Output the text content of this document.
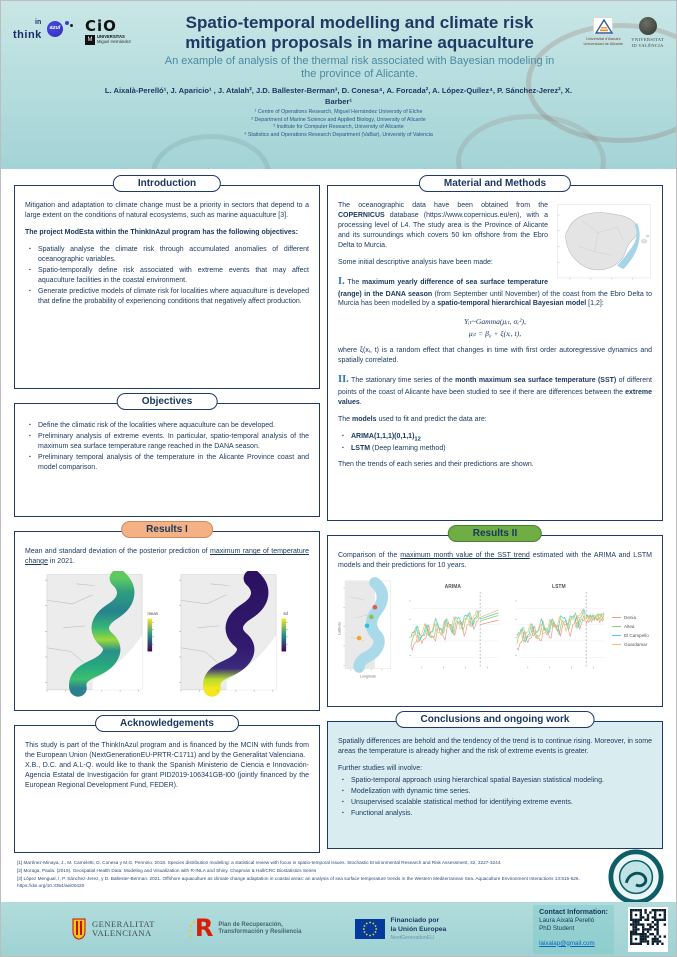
in
think
azul CiO
M
UNIVERSITAS
Miguel Hernández
Spatio-temporal modelling and climate risk mitigation proposals in marine aquaculture
An example of analysis of the thermal risk associated with Bayesian modeling in the province of Alicante.
Universitat d'Alacant
Universidad de Alicante
VNIVERSITAT
ID VALÈNCIA
L. Aixalà-Perelló¹, J. Aparicio¹ , J. Atalah², J.D. Ballester-Berman³, D. Conesa⁴, A. Forcada², A. López-Quílez⁴, P. Sánchez-Jerez², X. Barber¹
¹ Centre of Operations Research, Miguel Hernández University of Elche
² Department of Marine Science and Applied Biology, University of Alicante
³ Institute for Computer Research, University of Alicante
⁴ Statistics and Operations Research Department (VaBar), University of Valencia
Introduction

Mitigation and adaptation to climate change must be a priority in sectors that depend to a large extent on the conditions of natural ecosystems, such as marine aquaculture [3].

The project ModEsta within the ThinkInAzul program has the following objectives:

▪ Spatially analyse the climate risk through accumulated anomalies of different oceanographic variables.
▪ Spatio-temporally define risk associated with extreme events that may affect aquaculture facilities in the coastal environment.
▪ Generate predictive models of climate risk for localities where aquaculture is developed that define the probability of experiencing conditions that negatively affect production.
Objectives
▪ Define the climatic risk of the localities where aquaculture can be developed.
▪ Preliminary analysis of extreme events. In particular, spatio-temporal analysis of the maximum sea surface temperature range reached in the DANA season.
▪ Preliminary temporal analysis of the temperature in the Alicante Province coast and model comparison.
Results I
Mean and standard deviation of the posterior prediction of maximum range of temperature change in 2021.
mean	sd
Acknowledgements

This study is part of the ThinkInAzul program and is financed by the MCIN with funds from the European Union (NextGenerationEU-PRTR-C1711) and by the Generalitat Valenciana.

X.B., D.C. and A.L-Q. would like to thank the Spanish Ministerio de Ciencia e Innovación-Agencia Estatal de Investigación for grant PID2019-106341GB-I00 (jointly financed by the European Regional Development Fund, FEDER).

Material and Methods

The oceanographic data have been obtained from the COPERNICUS database (https://www.copernicus.eu/en), with a processing level of L4. The study area is the Province of Alicante and its surroundings which covers 50 km offshore from the Ebro Delta to Murcia.

Some initial descriptive analysis have been made:

I. The maximum yearly difference of sea surface temperature (range) in the DANA season (from September until November) of the coast from the Ebro Delta to Murcia has been modelled by a spatio-temporal hierarchical Bayesian model [1,2]:

Yᵢₜ~Gamma(μᵢₜ, σₑ²),
μᵢₜ = β₀ + ξ(xᵢ, t),

where ξ(xᵢ, t) is a random effect that changes in time with first order autoregressive dynamics and spatially correlated.

II. The stationary time series of the month maximum sea surface temperature (SST) of different points of the coast of Alicante have been studied to see if there are differences between the extreme values.

The models used to fit and predict the data are:

▪ $ARIMA(1,1,1)(0,1,1)_{12}$
▪ LSTM (Deep learning method)

Then the trends of each series and their predictions are shown.

Results II
Comparison of the maximum month value of the SST trend estimated with the ARIMA and LSTM models and their predictions for 10 years.
Longitude
Latitude
ARIMA	LSTM
Denia
Altea
El Campello
Guardamar
Conclusions and ongoing work

Spatially differences are behold and the tendency of the trend is to continue rising. Moreover, in some areas the temperature is already higher and the risk of extreme events is greater.

Further studies will involve:

▪ Spatio-temporal approach using hierarchical spatial Bayesian statistical modeling.
▪ Modelization with dynamic time series.
▪ Unsupervised scalable statistical method for identifying extreme events.
▪ Functional analysis.
[1] Martínez-Minaya, J., M. Cameletti, D. Conesa y M.G. Pennino. 2018. Species distribution modeling: a statistical review with focus in spatio-temporal issues. Stochastic Environmental Research and Risk Assessment, 32, 3227-3244.
[2] Moraga, Paula. (2019). Geospatial Health Data: Modeling and Visualization with R-INLA and Shiny. Chapman & Hall/CRC Biostatistics Series
[3] López Mengual, I, P. Sánchez-Jerez, y D. Ballester-Berman. 2021. Offshore aquaculture as climate change adaptation in coastal areas: an analysis of sea surface temperature trends in the Western Mediterranean Sea. Aquaculture Environment Interactions 13:515-526. https://doi.org/10.3354/aei00420
GENERALITAT
VALENCIANA R Plan de Recuperación,
Transformación y Resiliencia
Financiado por
la Unión Europea
NextGenerationEU
Contact Information:
Laura Aixalá Perelló
PhD Student
laixalap@gmail.com
